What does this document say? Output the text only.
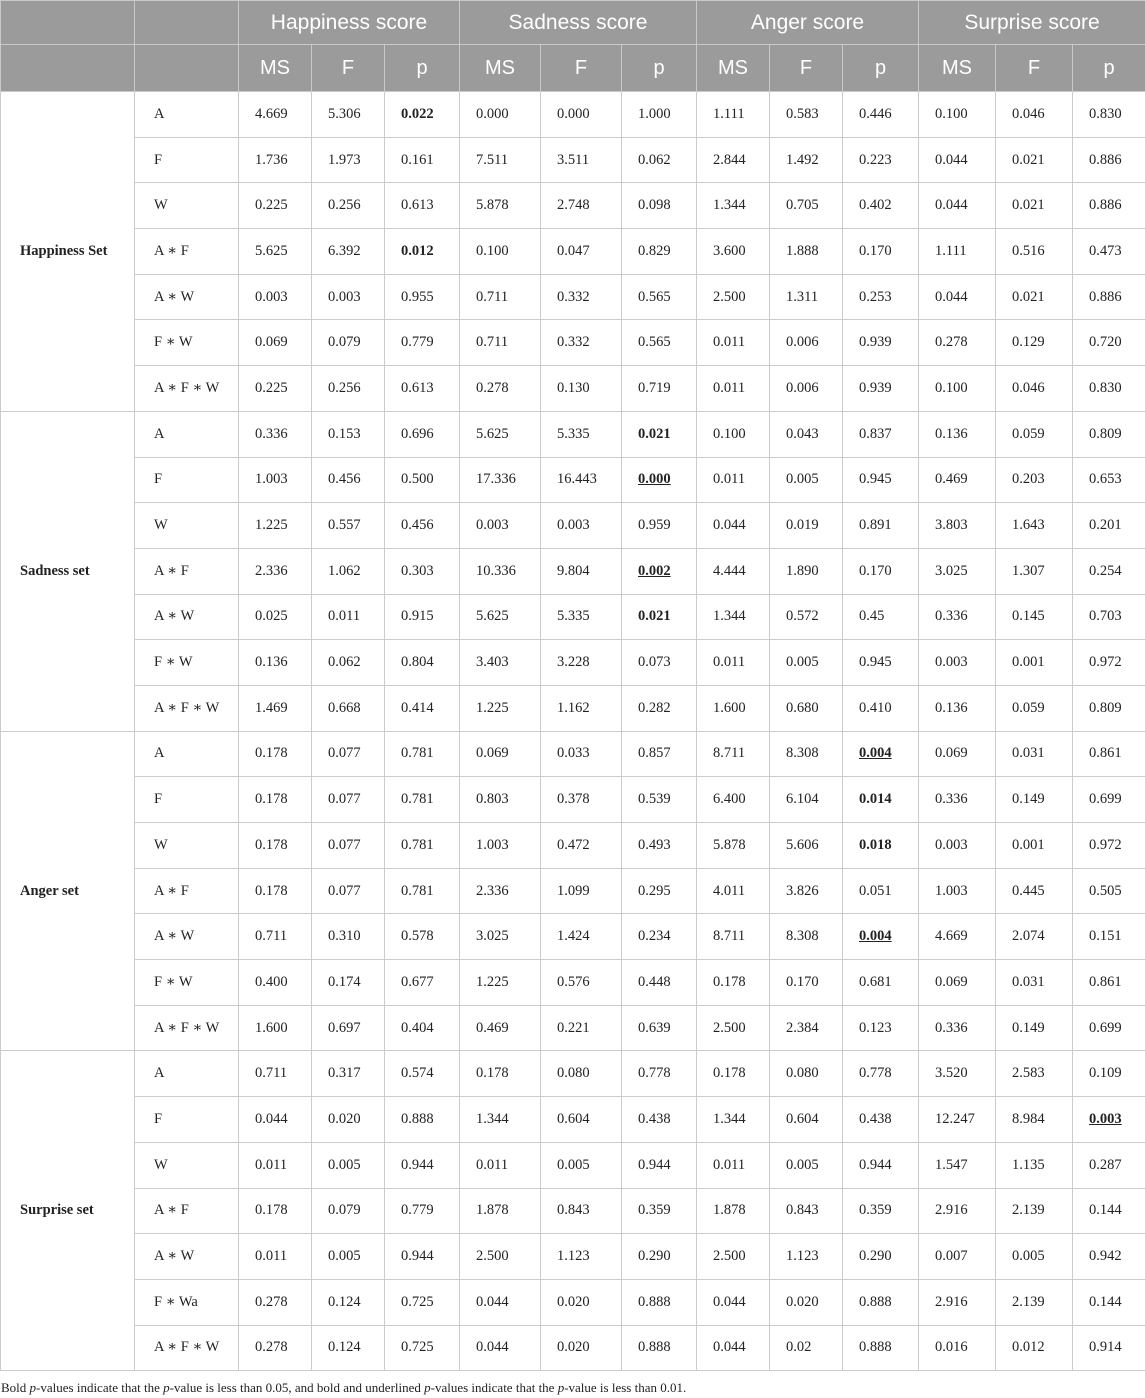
		Happiness score			Sadness score			Anger score			Surprise score		
		MS	F	p	MS	F	p	MS	F	p	MS	F	p
Happiness Set	A	4.669	5.306	0.022	0.000	0.000	1.000	1.111	0.583	0.446	0.100	0.046	0.830
	F	1.736	1.973	0.161	7.511	3.511	0.062	2.844	1.492	0.223	0.044	0.021	0.886
	W	0.225	0.256	0.613	5.878	2.748	0.098	1.344	0.705	0.402	0.044	0.021	0.886
	A ∗ F	5.625	6.392	0.012	0.100	0.047	0.829	3.600	1.888	0.170	1.111	0.516	0.473
	A ∗ W	0.003	0.003	0.955	0.711	0.332	0.565	2.500	1.311	0.253	0.044	0.021	0.886
	F ∗ W	0.069	0.079	0.779	0.711	0.332	0.565	0.011	0.006	0.939	0.278	0.129	0.720
	A ∗ F ∗ W	0.225	0.256	0.613	0.278	0.130	0.719	0.011	0.006	0.939	0.100	0.046	0.830
Sadness set	A	0.336	0.153	0.696	5.625	5.335	0.021	0.100	0.043	0.837	0.136	0.059	0.809
	F	1.003	0.456	0.500	17.336	16.443	0.000	0.011	0.005	0.945	0.469	0.203	0.653
	W	1.225	0.557	0.456	0.003	0.003	0.959	0.044	0.019	0.891	3.803	1.643	0.201
	A ∗ F	2.336	1.062	0.303	10.336	9.804	0.002	4.444	1.890	0.170	3.025	1.307	0.254
	A ∗ W	0.025	0.011	0.915	5.625	5.335	0.021	1.344	0.572	0.45	0.336	0.145	0.703
	F ∗ W	0.136	0.062	0.804	3.403	3.228	0.073	0.011	0.005	0.945	0.003	0.001	0.972
	A ∗ F ∗ W	1.469	0.668	0.414	1.225	1.162	0.282	1.600	0.680	0.410	0.136	0.059	0.809
Anger set	A	0.178	0.077	0.781	0.069	0.033	0.857	8.711	8.308	0.004	0.069	0.031	0.861
	F	0.178	0.077	0.781	0.803	0.378	0.539	6.400	6.104	0.014	0.336	0.149	0.699
	W	0.178	0.077	0.781	1.003	0.472	0.493	5.878	5.606	0.018	0.003	0.001	0.972
	A ∗ F	0.178	0.077	0.781	2.336	1.099	0.295	4.011	3.826	0.051	1.003	0.445	0.505
	A ∗ W	0.711	0.310	0.578	3.025	1.424	0.234	8.711	8.308	0.004	4.669	2.074	0.151
	F ∗ W	0.400	0.174	0.677	1.225	0.576	0.448	0.178	0.170	0.681	0.069	0.031	0.861
	A ∗ F ∗ W	1.600	0.697	0.404	0.469	0.221	0.639	2.500	2.384	0.123	0.336	0.149	0.699
Surprise set	A	0.711	0.317	0.574	0.178	0.080	0.778	0.178	0.080	0.778	3.520	2.583	0.109
	F	0.044	0.020	0.888	1.344	0.604	0.438	1.344	0.604	0.438	12.247	8.984	0.003
	W	0.011	0.005	0.944	0.011	0.005	0.944	0.011	0.005	0.944	1.547	1.135	0.287
	A ∗ F	0.178	0.079	0.779	1.878	0.843	0.359	1.878	0.843	0.359	2.916	2.139	0.144
	A ∗ W	0.011	0.005	0.944	2.500	1.123	0.290	2.500	1.123	0.290	0.007	0.005	0.942
	F ∗ Wa	0.278	0.124	0.725	0.044	0.020	0.888	0.044	0.020	0.888	2.916	2.139	0.144
	A ∗ F ∗ W	0.278	0.124	0.725	0.044	0.020	0.888	0.044	0.02	0.888	0.016	0.012	0.914
Bold p-values indicate that the p-value is less than 0.05, and bold and underlined p-values indicate that the p-value is less than 0.01.
